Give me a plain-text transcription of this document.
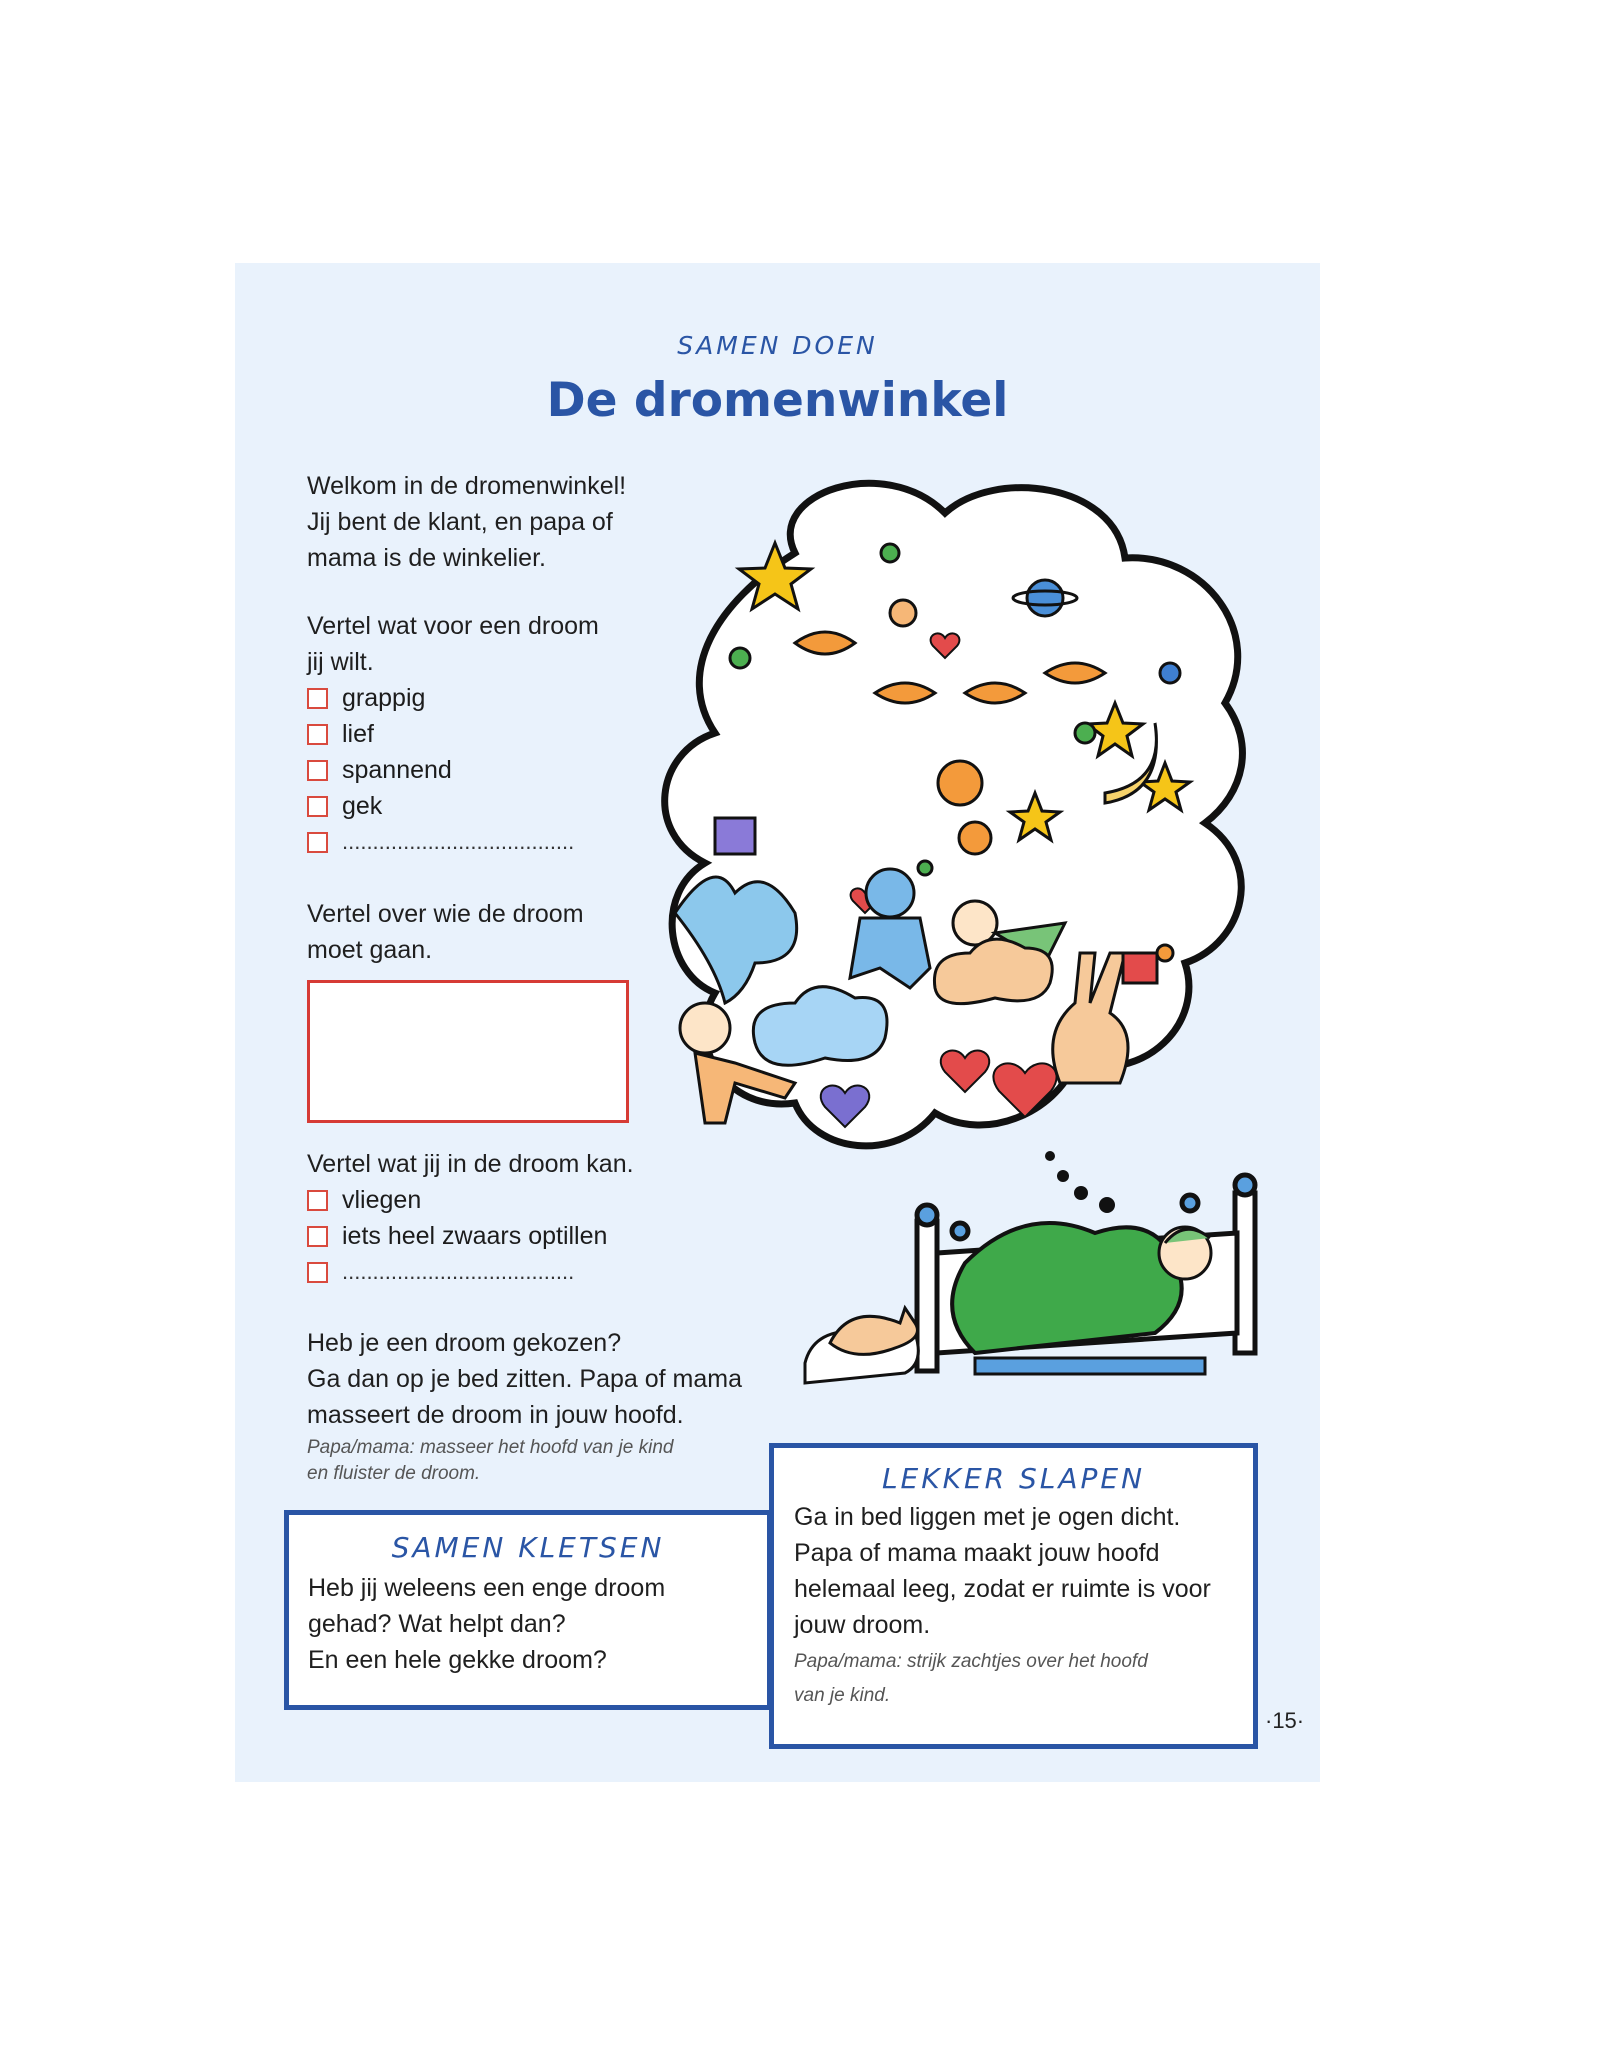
SAMEN DOEN
De dromenwinkel
Welkom in de dromenwinkel!
Jij bent de klant, en papa of
mama is de winkelier.
Vertel wat voor een droom
jij wilt.
grappig
lief
spannend
gek
......................................
Vertel over wie de droom
moet gaan.
Vertel wat jij in de droom kan.
vliegen
iets heel zwaars optillen
......................................
Heb je een droom gekozen?
Ga dan op je bed zitten. Papa of mama
masseert de droom in jouw hoofd.
Papa/mama: masseer het hoofd van je kind
en fluister de droom.
SAMEN KLETSEN
Heb jij weleens een enge droom
gehad? Wat helpt dan?
En een hele gekke droom?
LEKKER SLAPEN
Ga in bed liggen met je ogen dicht.
Papa of mama maakt jouw hoofd
helemaal leeg, zodat er ruimte is voor
jouw droom.
Papa/mama: strijk zachtjes over het hoofd
van je kind.
·15·
